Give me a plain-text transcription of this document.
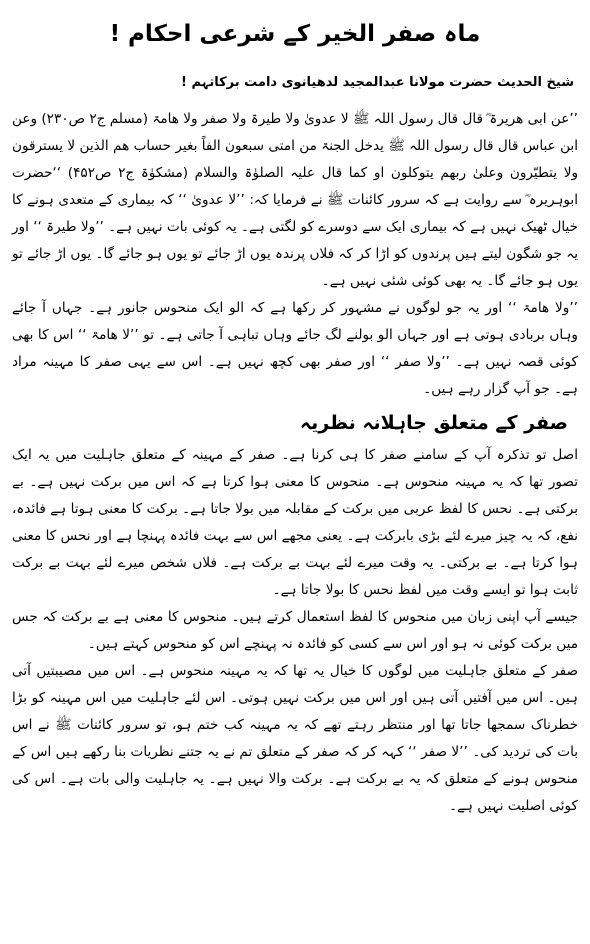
ماہ صفر الخیر کے شرعی احکام !
شیخ الحدیث حضرت مولانا عبدالمجید لدھیانوی دامت برکاتہم !

’’عن ابی ھریرۃ ؓ قال قال رسول اللہ ﷺ لا عدویٰ ولا طیرۃ ولا صفر ولا ھامۃ (مسلم ج۲ ص۲۳۰) وعن ابن عباس قال قال رسول اللہ ﷺ یدخل الجنۃ من امتی سبعون الفاً بغیر حساب ھم الذین لا یسترقون ولا یتطیّرون وعلیٰ ربھم یتوکلون او کما قال علیہ الصلوٰۃ والسلام (مشکوٰۃ ج۲ ص۴۵۲) ‘‘حضرت ابوہریرہ ؓ سے روایت ہے کہ سرور کائنات ﷺ نے فرمایا کہ: ’’لا عدویٰ ‘‘ کہ بیماری کے متعدی ہونے کا خیال ٹھیک نہیں ہے کہ بیماری ایک سے دوسرے کو لگتی ہے۔ یہ کوئی بات نہیں ہے۔ ’’ولا طیرۃ ‘‘ اور یہ جو شگون لیتے ہیں پرندوں کو اڑا کر کہ فلاں پرندہ یوں اڑ جائے تو یوں ہو جائے گا۔ یوں اڑ جائے تو یوں ہو جائے گا۔ یہ بھی کوئی شئی نہیں ہے۔

’’ولا ھامۃ ‘‘ اور یہ جو لوگوں نے مشہور کر رکھا ہے کہ الو ایک منحوس جانور ہے۔ جہاں آ جائے وہاں بربادی ہوتی ہے اور جہاں الو بولنے لگ جائے وہاں تباہی آ جاتی ہے۔ تو ’’لا ھامۃ ‘‘ اس کا بھی کوئی قصہ نہیں ہے۔ ’’ولا صفر ‘‘ اور صفر بھی کچھ نہیں ہے۔ اس سے یہی صفر کا مہینہ مراد ہے۔ جو آپ گزار رہے ہیں۔

صفر کے متعلق جاہلانہ نظریہ

اصل تو تذکرہ آپ کے سامنے صفر کا ہی کرنا ہے۔ صفر کے مہینہ کے متعلق جاہلیت میں یہ ایک تصور تھا کہ یہ مہینہ منحوس ہے۔ منحوس کا معنی ہوا کرتا ہے کہ اس میں برکت نہیں ہے۔ بے برکتی ہے۔ نحس کا لفظ عربی میں برکت کے مقابلہ میں بولا جاتا ہے۔ برکت کا معنی ہوتا ہے فائدہ، نفع، کہ یہ چیز میرے لئے بڑی بابرکت ہے۔ یعنی مجھے اس سے بہت فائدہ پہنچا ہے اور نحس کا معنی ہوا کرتا ہے۔ بے برکتی۔ یہ وقت میرے لئے بہت بے برکت ہے۔ فلاں شخص میرے لئے بہت بے برکت ثابت ہوا تو ایسے وقت میں لفظ نحس کا بولا جاتا ہے۔

جیسے آپ اپنی زبان میں منحوس کا لفظ استعمال کرتے ہیں۔ منحوس کا معنی ہے بے برکت کہ جس میں برکت کوئی نہ ہو اور اس سے کسی کو فائدہ نہ پہنچے اس کو منحوس کہتے ہیں۔

صفر کے متعلق جاہلیت میں لوگوں کا خیال یہ تھا کہ یہ مہینہ منحوس ہے۔ اس میں مصیبتیں آتی ہیں۔ اس میں آفتیں آتی ہیں اور اس میں برکت نہیں ہوتی۔ اس لئے جاہلیت میں اس مہینہ کو بڑا خطرناک سمجھا جاتا تھا اور منتظر رہتے تھے کہ یہ مہینہ کب ختم ہو، تو سرور کائنات ﷺ نے اس بات کی تردید کی۔ ’’لا صفر ‘‘ کہہ کر کہ صفر کے متعلق تم نے یہ جتنے نظریات بنا رکھے ہیں اس کے منحوس ہونے کے متعلق کہ یہ بے برکت ہے۔ برکت والا نہیں ہے۔ یہ جاہلیت والی بات ہے۔ اس کی کوئی اصلیت نہیں ہے۔
